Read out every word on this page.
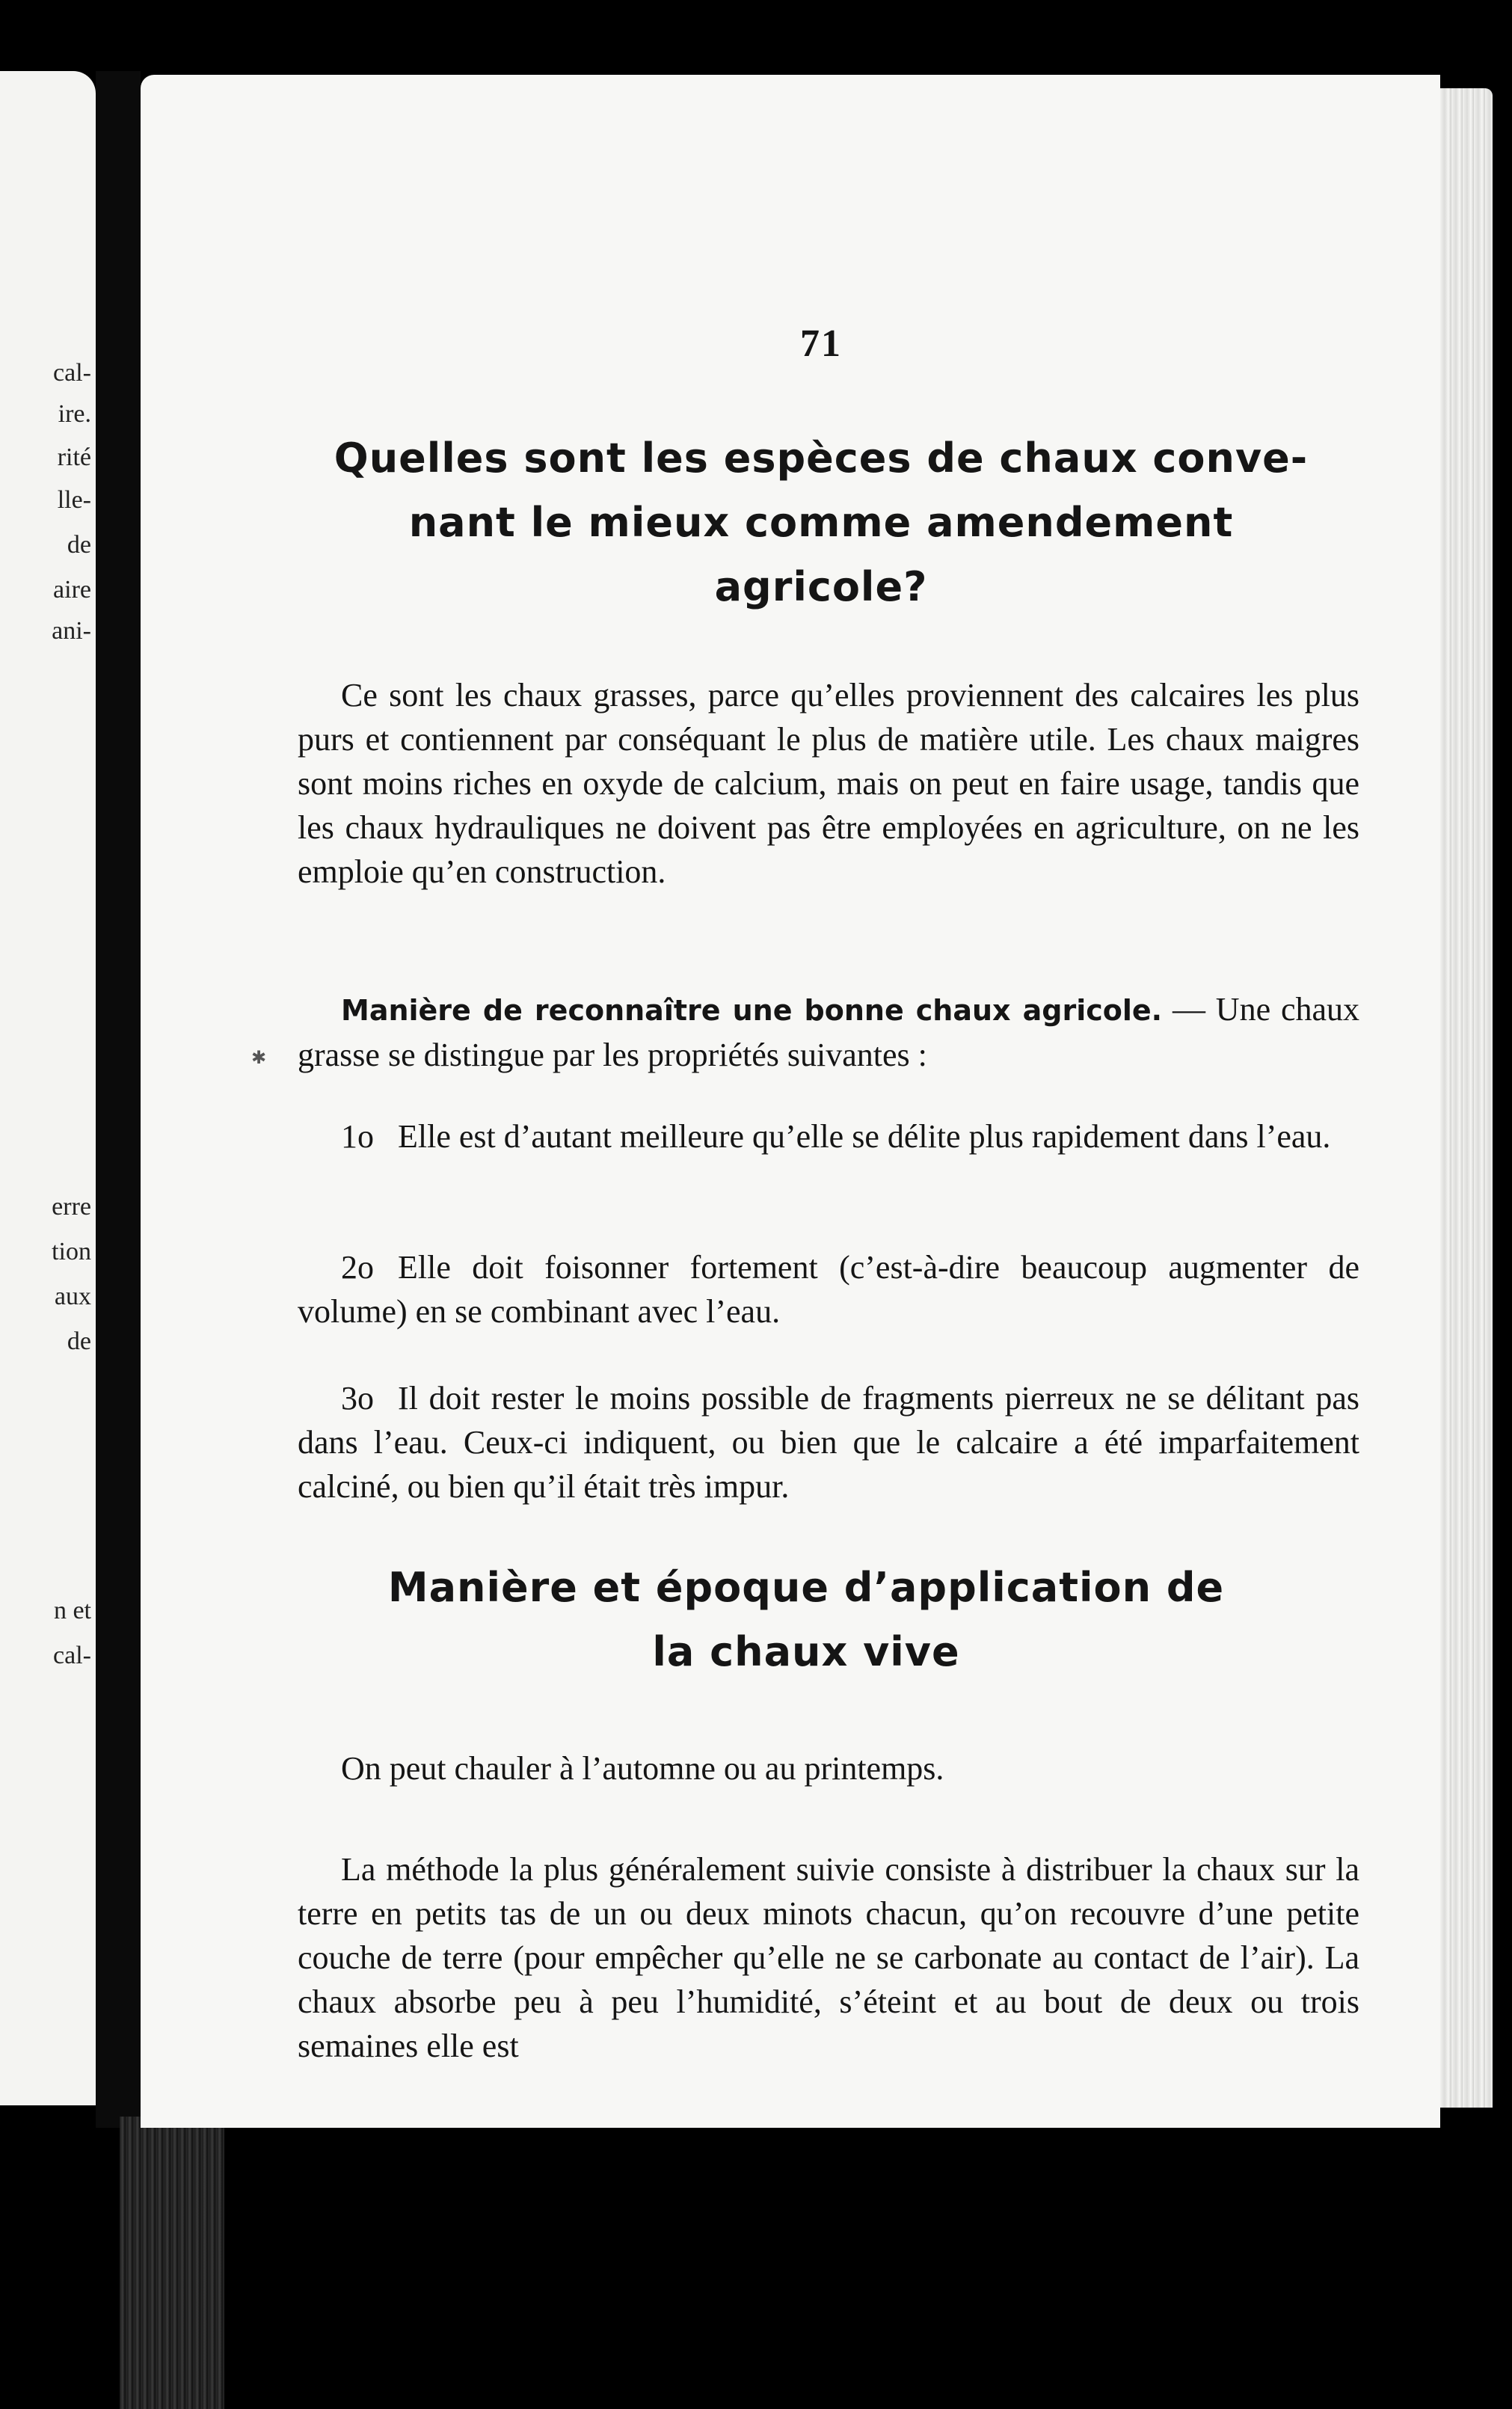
cal-
ire.
rité
lle-
de
aire
ani-
erre
tion
aux
de
n et
cal-
✱
71
Quelles sont les espèces de chaux conve-
nant le mieux comme amendement
agricole?

Ce sont les chaux grasses, parce qu’elles proviennent des calcaires les plus purs et contiennent par conséquant le plus de matière utile. Les chaux maigres sont moins riches en oxyde de calcium, mais on peut en faire usage, tandis que les chaux hydrauliques ne doivent pas être employées en agriculture, on ne les emploie qu’en construction.

Manière de reconnaître une bonne chaux agricole. — Une chaux grasse se distingue par les propriétés suivantes :

1o Elle est d’autant meilleure qu’elle se délite plus rapidement dans l’eau.

2o Elle doit foisonner fortement (c’est-à-dire beaucoup augmenter de volume) en se combinant avec l’eau.

3o Il doit rester le moins possible de fragments pierreux ne se délitant pas dans l’eau. Ceux-ci indiquent, ou bien que le calcaire a été imparfaitement calciné, ou bien qu’il était très impur.

Manière et époque d’application de
la chaux vive

On peut chauler à l’automne ou au printemps.

La méthode la plus généralement suivie consiste à distribuer la chaux sur la terre en petits tas de un ou deux minots chacun, qu’on recouvre d’une petite couche de terre (pour empêcher qu’elle ne se carbonate au contact de l’air). La chaux absorbe peu à peu l’humidité, s’éteint et au bout de deux ou trois semaines elle est
